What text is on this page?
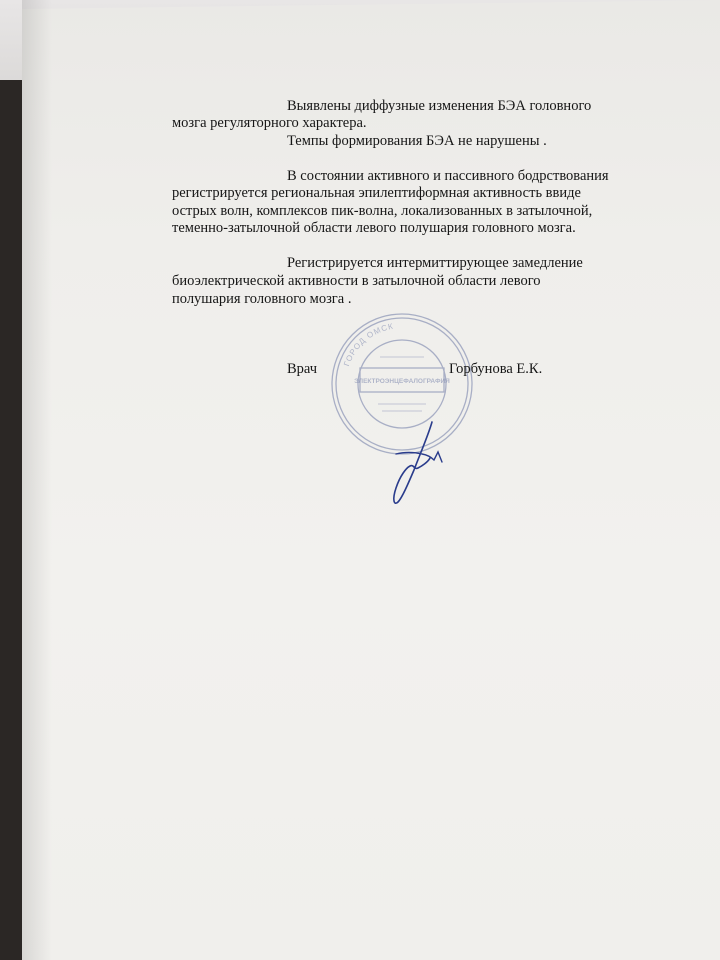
Выявлены диффузные изменения БЭА головного
мозга регуляторного характера.
Темпы формирования БЭА не нарушены .
В состоянии активного и пассивного бодрствования
регистрируется региональная эпилептиформная активность ввиде
острых волн, комплексов пик-волна, локализованных в затылочной,
теменно-затылочной области левого полушария головного мозга.
Регистрируется интермиттирующее замедление
биоэлектрической активности в затылочной области левого
полушария головного мозга .
ГОРОД ОМСК
ЭЛЕКТРОЭНЦЕФАЛОГРАФИЯ
Врач	Горбунова Е.К.
